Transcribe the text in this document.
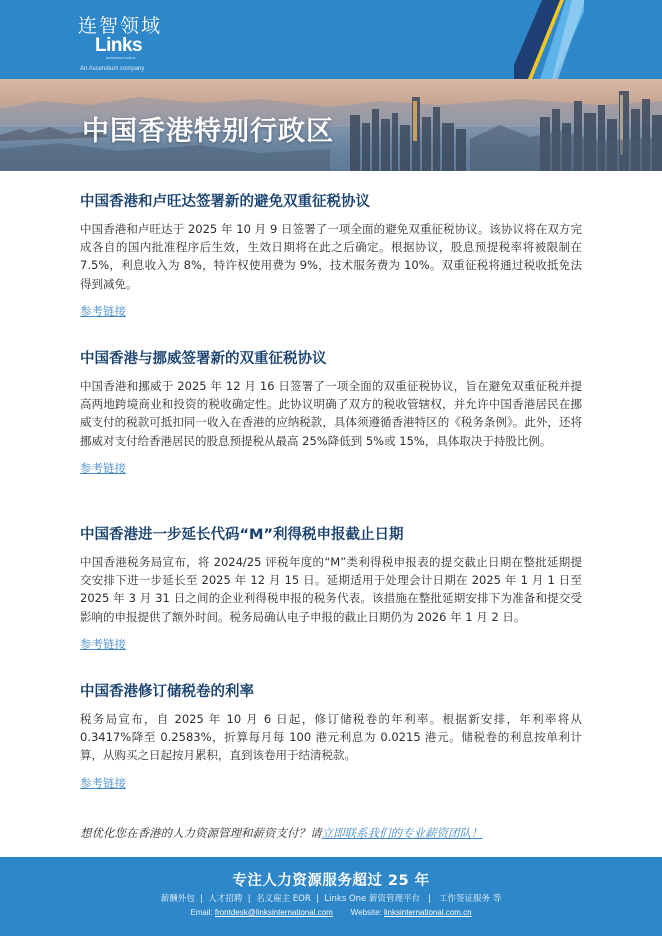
连智领域
Links
INTERNATIONAL
An Ascendium company
中国香港特别行政区
中国香港和卢旺达签署新的避免双重征税协议

中国香港和卢旺达于 2025 年 10 月 9 日签署了一项全面的避免双重征税协议。该协议将在双方完成各自的国内批准程序后生效，生效日期将在此之后确定。根据协议，股息预提税率将被限制在 7.5%，利息收入为 8%，特许权使用费为 9%，技术服务费为 10%。双重征税将通过税收抵免法得到减免。

参考链接
中国香港与挪威签署新的双重征税协议

中国香港和挪威于 2025 年 12 月 16 日签署了一项全面的双重征税协议，旨在避免双重征税并提高两地跨境商业和投资的税收确定性。此协议明确了双方的税收管辖权，并允许中国香港居民在挪威支付的税款可抵扣同一收入在香港的应纳税款，具体须遵循香港特区的《税务条例》。此外，还将挪威对支付给香港居民的股息预提税从最高 25%降低到 5%或 15%，具体取决于持股比例。

参考链接
中国香港进一步延长代码“M”利得税申报截止日期

中国香港税务局宣布，将 2024/25 评税年度的“M”类利得税申报表的提交截止日期在整批延期提交安排下进一步延长至 2025 年 12 月 15 日。延期适用于处理会计日期在 2025 年 1 月 1 日至 2025 年 3 月 31 日之间的企业利得税申报的税务代表。该措施在整批延期安排下为准备和提交受影响的申报提供了额外时间。税务局确认电子申报的截止日期仍为 2026 年 1 月 2 日。

参考链接
中国香港修订储税卷的利率

税务局宣布，自 2025 年 10 月 6 日起，修订储税卷的年利率。根据新安排，年利率将从 0.3417%降至 0.2583%，折算每月每 100 港元利息为 0.0215 港元。储税卷的利息按单利计算，从购买之日起按月累积，直到该卷用于结清税款。

参考链接
想优化您在香港的人力资源管理和薪资支付？请立即联系我们的专业薪资团队！
专注人力资源服务超过 25 年
薪酬外包  |  人才招聘  |  名义雇主 EOR  |  Links One 薪资管理平台   |   工作签证服务 等
Email: frontdesk@linksinternational.com Website: linksinternational.com.cn
